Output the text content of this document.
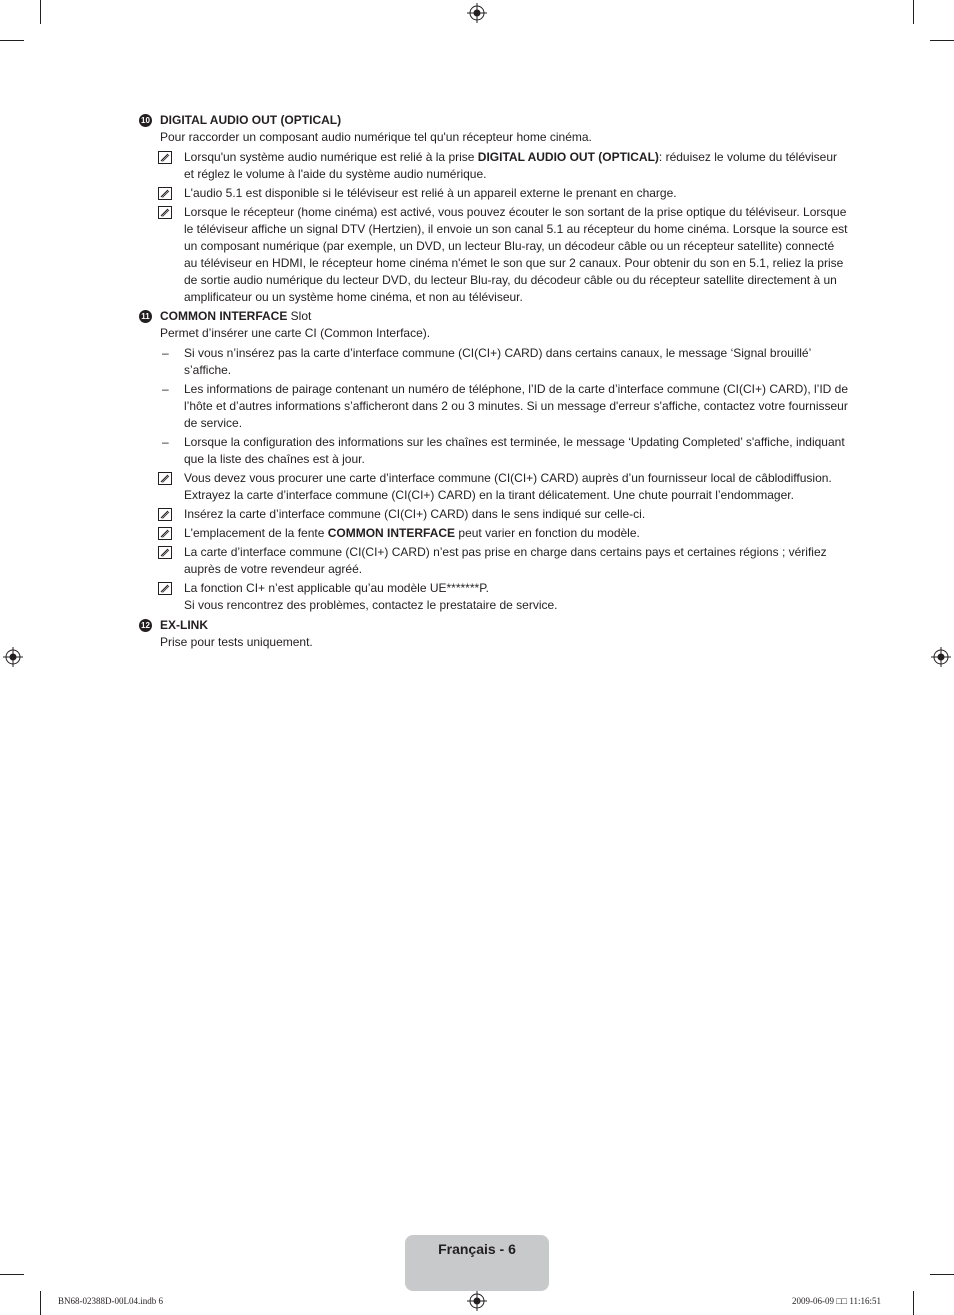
10 DIGITAL AUDIO OUT (OPTICAL)
Pour raccorder un composant audio numérique tel qu'un récepteur home cinéma.
Lorsqu'un système audio numérique est relié à la prise DIGITAL AUDIO OUT (OPTICAL): réduisez le volume du téléviseur et réglez le volume à l'aide du système audio numérique.
L'audio 5.1 est disponible si le téléviseur est relié à un appareil externe le prenant en charge.
Lorsque le récepteur (home cinéma) est activé, vous pouvez écouter le son sortant de la prise optique du téléviseur. Lorsque le téléviseur affiche un signal DTV (Hertzien), il envoie un son canal 5.1 au récepteur du home cinéma. Lorsque la source est un composant numérique (par exemple, un DVD, un lecteur Blu-ray, un décodeur câble ou un récepteur satellite) connecté au téléviseur en HDMI, le récepteur home cinéma n'émet le son que sur 2 canaux. Pour obtenir du son en 5.1, reliez la prise de sortie audio numérique du lecteur DVD, du lecteur Blu-ray, du décodeur câble ou du récepteur satellite directement à un amplificateur ou un système home cinéma, et non au téléviseur.
11 COMMON INTERFACE Slot
Permet d’insérer une carte CI (Common Interface).
– Si vous n’insérez pas la carte d’interface commune (CI(CI+) CARD) dans certains canaux, le message ‘Signal brouillé’ s’affiche.
– Les informations de pairage contenant un numéro de téléphone, l’ID de la carte d’interface commune (CI(CI+) CARD), l’ID de l’hôte et d’autres informations s’afficheront dans 2 ou 3 minutes. Si un message d'erreur s'affiche, contactez votre fournisseur de service.
– Lorsque la configuration des informations sur les chaînes est terminée, le message ‘Updating Completed’ s'affiche, indiquant que la liste des chaînes est à jour.
Vous devez vous procurer une carte d’interface commune (CI(CI+) CARD) auprès d’un fournisseur local de câblodiffusion. Extrayez la carte d’interface commune (CI(CI+) CARD) en la tirant délicatement. Une chute pourrait l’endommager.
Insérez la carte d’interface commune (CI(CI+) CARD) dans le sens indiqué sur celle-ci.
L'emplacement de la fente COMMON INTERFACE peut varier en fonction du modèle.
La carte d’interface commune (CI(CI+) CARD) n’est pas prise en charge dans certains pays et certaines régions ; vérifiez auprès de votre revendeur agréé.
La fonction CI+ n’est applicable qu’au modèle UE*******P.
Si vous rencontrez des problèmes, contactez le prestataire de service.
12 EX-LINK
Prise pour tests uniquement.
Français - 6
BN68-02388D-00L04.indb 6	2009-06-09 □□ 11:16:51
